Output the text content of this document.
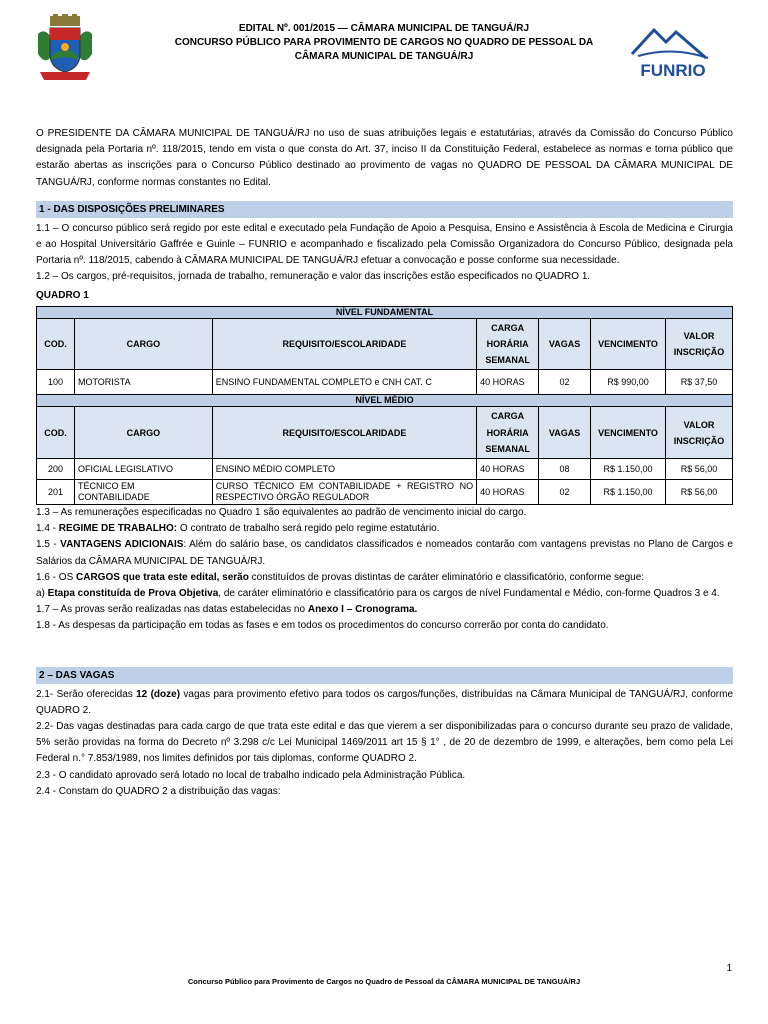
EDITAL Nº. 001/2015 — CÂMARA MUNICIPAL DE TANGUÁ/RJ
CONCURSO PÚBLICO PARA PROVIMENTO DE CARGOS NO QUADRO DE PESSOAL DA
CÂMARA MUNICIPAL DE TANGUÁ/RJ
FUNRIO

O PRESIDENTE DA CÂMARA MUNICIPAL DE TANGUÁ/RJ no uso de suas atribuições legais e estatutárias, através da Comissão do Concurso Público designada pela Portaria nº. 118/2015, tendo em vista o que consta do Art. 37, inciso II da Constituição Federal, estabelece as normas e torna público que estarão abertas as inscrições para o Concurso Público destinado ao provimento de vagas no QUADRO DE PESSOAL DA CÂMARA MUNICIPAL DE TANGUÁ/RJ, conforme normas constantes no Edital.

1 - DAS DISPOSIÇÕES PRELIMINARES

1.1 – O concurso público será regido por este edital e executado pela Fundação de Apoio a Pesquisa, Ensino e Assistência à Escola de Medicina e Cirurgia e ao Hospital Universitário Gaffrée e Guinle – FUNRIO e acompanhado e fiscalizado pela Comissão Organizadora do Concurso Público, designada pela Portaria nº. 118/2015, cabendo à CÂMARA MUNICIPAL DE TANGUÁ/RJ efetuar a convocação e posse conforme sua necessidade.

1.2 – Os cargos, pré-requisitos, jornada de trabalho, remuneração e valor das inscrições estão especificados no QUADRO 1.

QUADRO 1
NÍVEL FUNDAMENTAL						
COD.	CARGO	REQUISITO/ESCOLARIDADE	CARGA HORÁRIA SEMANAL	VAGAS	VENCIMENTO	VALOR INSCRIÇÃO
100	MOTORISTA	ENSINO FUNDAMENTAL COMPLETO e CNH CAT. C	40 HORAS	02	R$ 990,00	R$ 37,50
NÍVEL MÉDIO						
COD.	CARGO	REQUISITO/ESCOLARIDADE	CARGA HORÁRIA SEMANAL	VAGAS	VENCIMENTO	VALOR INSCRIÇÃO
200	OFICIAL LEGISLATIVO	ENSINO MÉDIO COMPLETO	40 HORAS	08	R$ 1.150,00	R$ 56,00
201	TÉCNICO EM CONTABILIDADE	CURSO TÉCNICO EM CONTABILIDADE + REGISTRO NO RESPECTIVO ÓRGÃO REGULADOR	40 HORAS	02	R$ 1.150,00	R$ 56,00

1.3 – As remunerações especificadas no Quadro 1 são equivalentes ao padrão de vencimento inicial do cargo.

1.4 - REGIME DE TRABALHO: O contrato de trabalho será regido pelo regime estatutário.

1.5 - VANTAGENS ADICIONAIS: Além do salário base, os candidatos classificados e nomeados contarão com vantagens previstas no Plano de Cargos e Salários da CÂMARA MUNICIPAL DE TANGUÁ/RJ.

1.6 - OS CARGOS que trata este edital, serão constituídos de provas distintas de caráter eliminatório e classificatório, conforme segue:

a) Etapa constituída de Prova Objetiva, de caráter eliminatório e classificatório para os cargos de nível Fundamental e Médio, con-forme Quadros 3 e 4.

1.7 – As provas serão realizadas nas datas estabelecidas no Anexo I – Cronograma.

1.8 - As despesas da participação em todas as fases e em todos os procedimentos do concurso correrão por conta do candidato.

2 – DAS VAGAS

2.1- Serão oferecidas 12 (doze) vagas para provimento efetivo para todos os cargos/funções, distribuídas na Câmara Municipal de TANGUÁ/RJ, conforme QUADRO 2.

2.2- Das vagas destinadas para cada cargo de que trata este edital e das que vierem a ser disponibilizadas para o concurso durante seu prazo de validade, 5% serão providas na forma do Decreto nº 3.298 c/c Lei Municipal 1469/2011 art 15 § 1° , de 20 de dezembro de 1999, e alterações, bem como pela Lei Federal n.° 7.853/1989, nos limites definidos por tais diplomas, conforme QUADRO 2.

2.3 - O candidato aprovado será lotado no local de trabalho indicado pela Administração Pública.

2.4 - Constam do QUADRO 2 a distribuição das vagas:

1
Concurso Público para Provimento de Cargos no Quadro de Pessoal da CÂMARA MUNICIPAL DE TANGUÁ/RJ
